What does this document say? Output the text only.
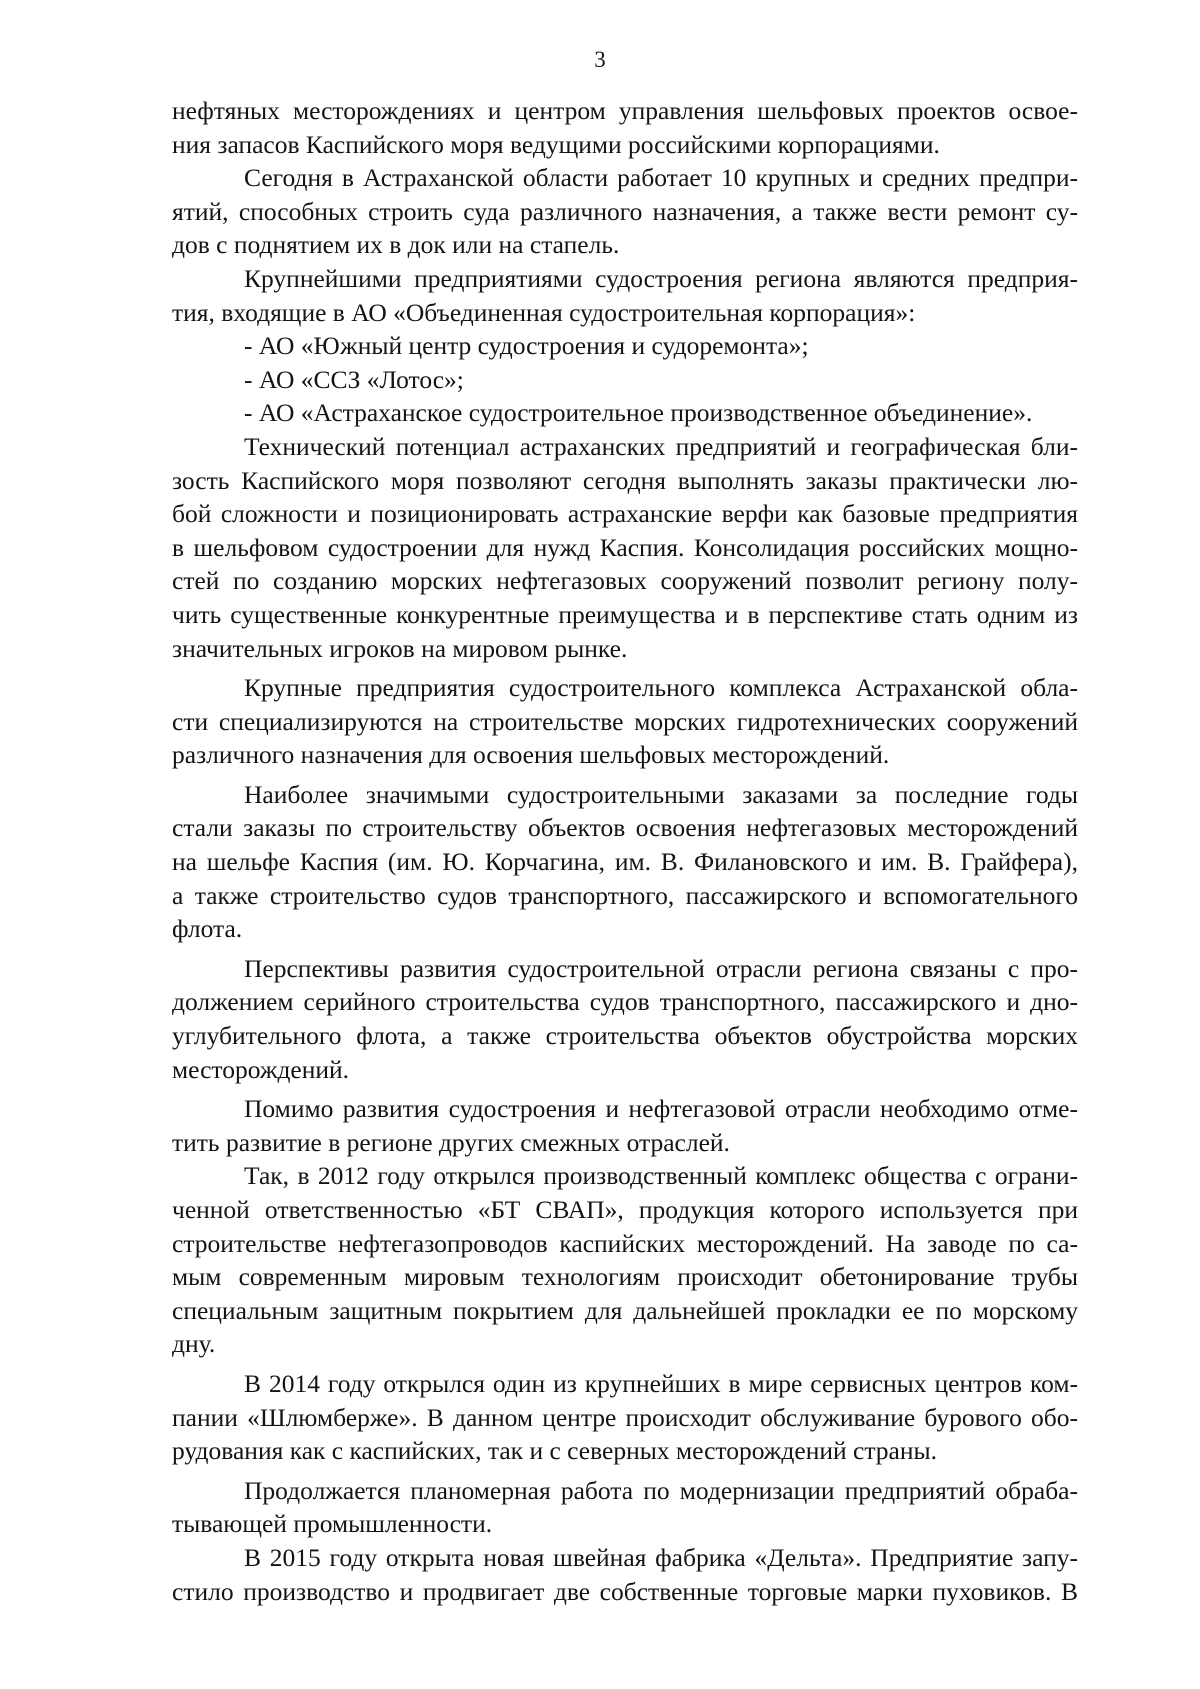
3
нефтяных месторождениях и центром управления шельфовых проектов освое-
ния запасов Каспийского моря ведущими российскими корпорациями.
Сегодня в Астраханской области работает 10 крупных и средних предпри-
ятий, способных строить суда различного назначения, а также вести ремонт су-
дов с поднятием их в док или на стапель.
Крупнейшими предприятиями судостроения региона являются предприя-
тия, входящие в АО «Объединенная судостроительная корпорация»:
- АО «Южный центр судостроения и судоремонта»;
- АО «ССЗ «Лотос»;
- АО «Астраханское судостроительное производственное объединение».
Технический потенциал астраханских предприятий и географическая бли-
зость Каспийского моря позволяют сегодня выполнять заказы практически лю-
бой сложности и позиционировать астраханские верфи как базовые предприятия
в шельфовом судостроении для нужд Каспия. Консолидация российских мощно-
стей по созданию морских нефтегазовых сооружений позволит региону полу-
чить существенные конкурентные преимущества и в перспективе стать одним из
значительных игроков на мировом рынке.
Крупные предприятия судостроительного комплекса Астраханской обла-
сти специализируются на строительстве морских гидротехнических сооружений
различного назначения для освоения шельфовых месторождений.
Наиболее значимыми судостроительными заказами за последние годы
стали заказы по строительству объектов освоения нефтегазовых месторождений
на шельфе Каспия (им. Ю. Корчагина, им. В. Филановского и им. В. Грайфера),
а также строительство судов транспортного, пассажирского и вспомогательного
флота.
Перспективы развития судостроительной отрасли региона связаны с про-
должением серийного строительства судов транспортного, пассажирского и дно-
углубительного флота, а также строительства объектов обустройства морских
месторождений.
Помимо развития судостроения и нефтегазовой отрасли необходимо отме-
тить развитие в регионе других смежных отраслей.
Так, в 2012 году открылся производственный комплекс общества с ограни-
ченной ответственностью «БТ СВАП», продукция которого используется при
строительстве нефтегазопроводов каспийских месторождений. На заводе по са-
мым современным мировым технологиям происходит обетонирование трубы
специальным защитным покрытием для дальнейшей прокладки ее по морскому
дну.
В 2014 году открылся один из крупнейших в мире сервисных центров ком-
пании «Шлюмберже». В данном центре происходит обслуживание бурового обо-
рудования как с каспийских, так и с северных месторождений страны.
Продолжается планомерная работа по модернизации предприятий обраба-
тывающей промышленности.
В 2015 году открыта новая швейная фабрика «Дельта». Предприятие запу-
стило производство и продвигает две собственные торговые марки пуховиков. В
